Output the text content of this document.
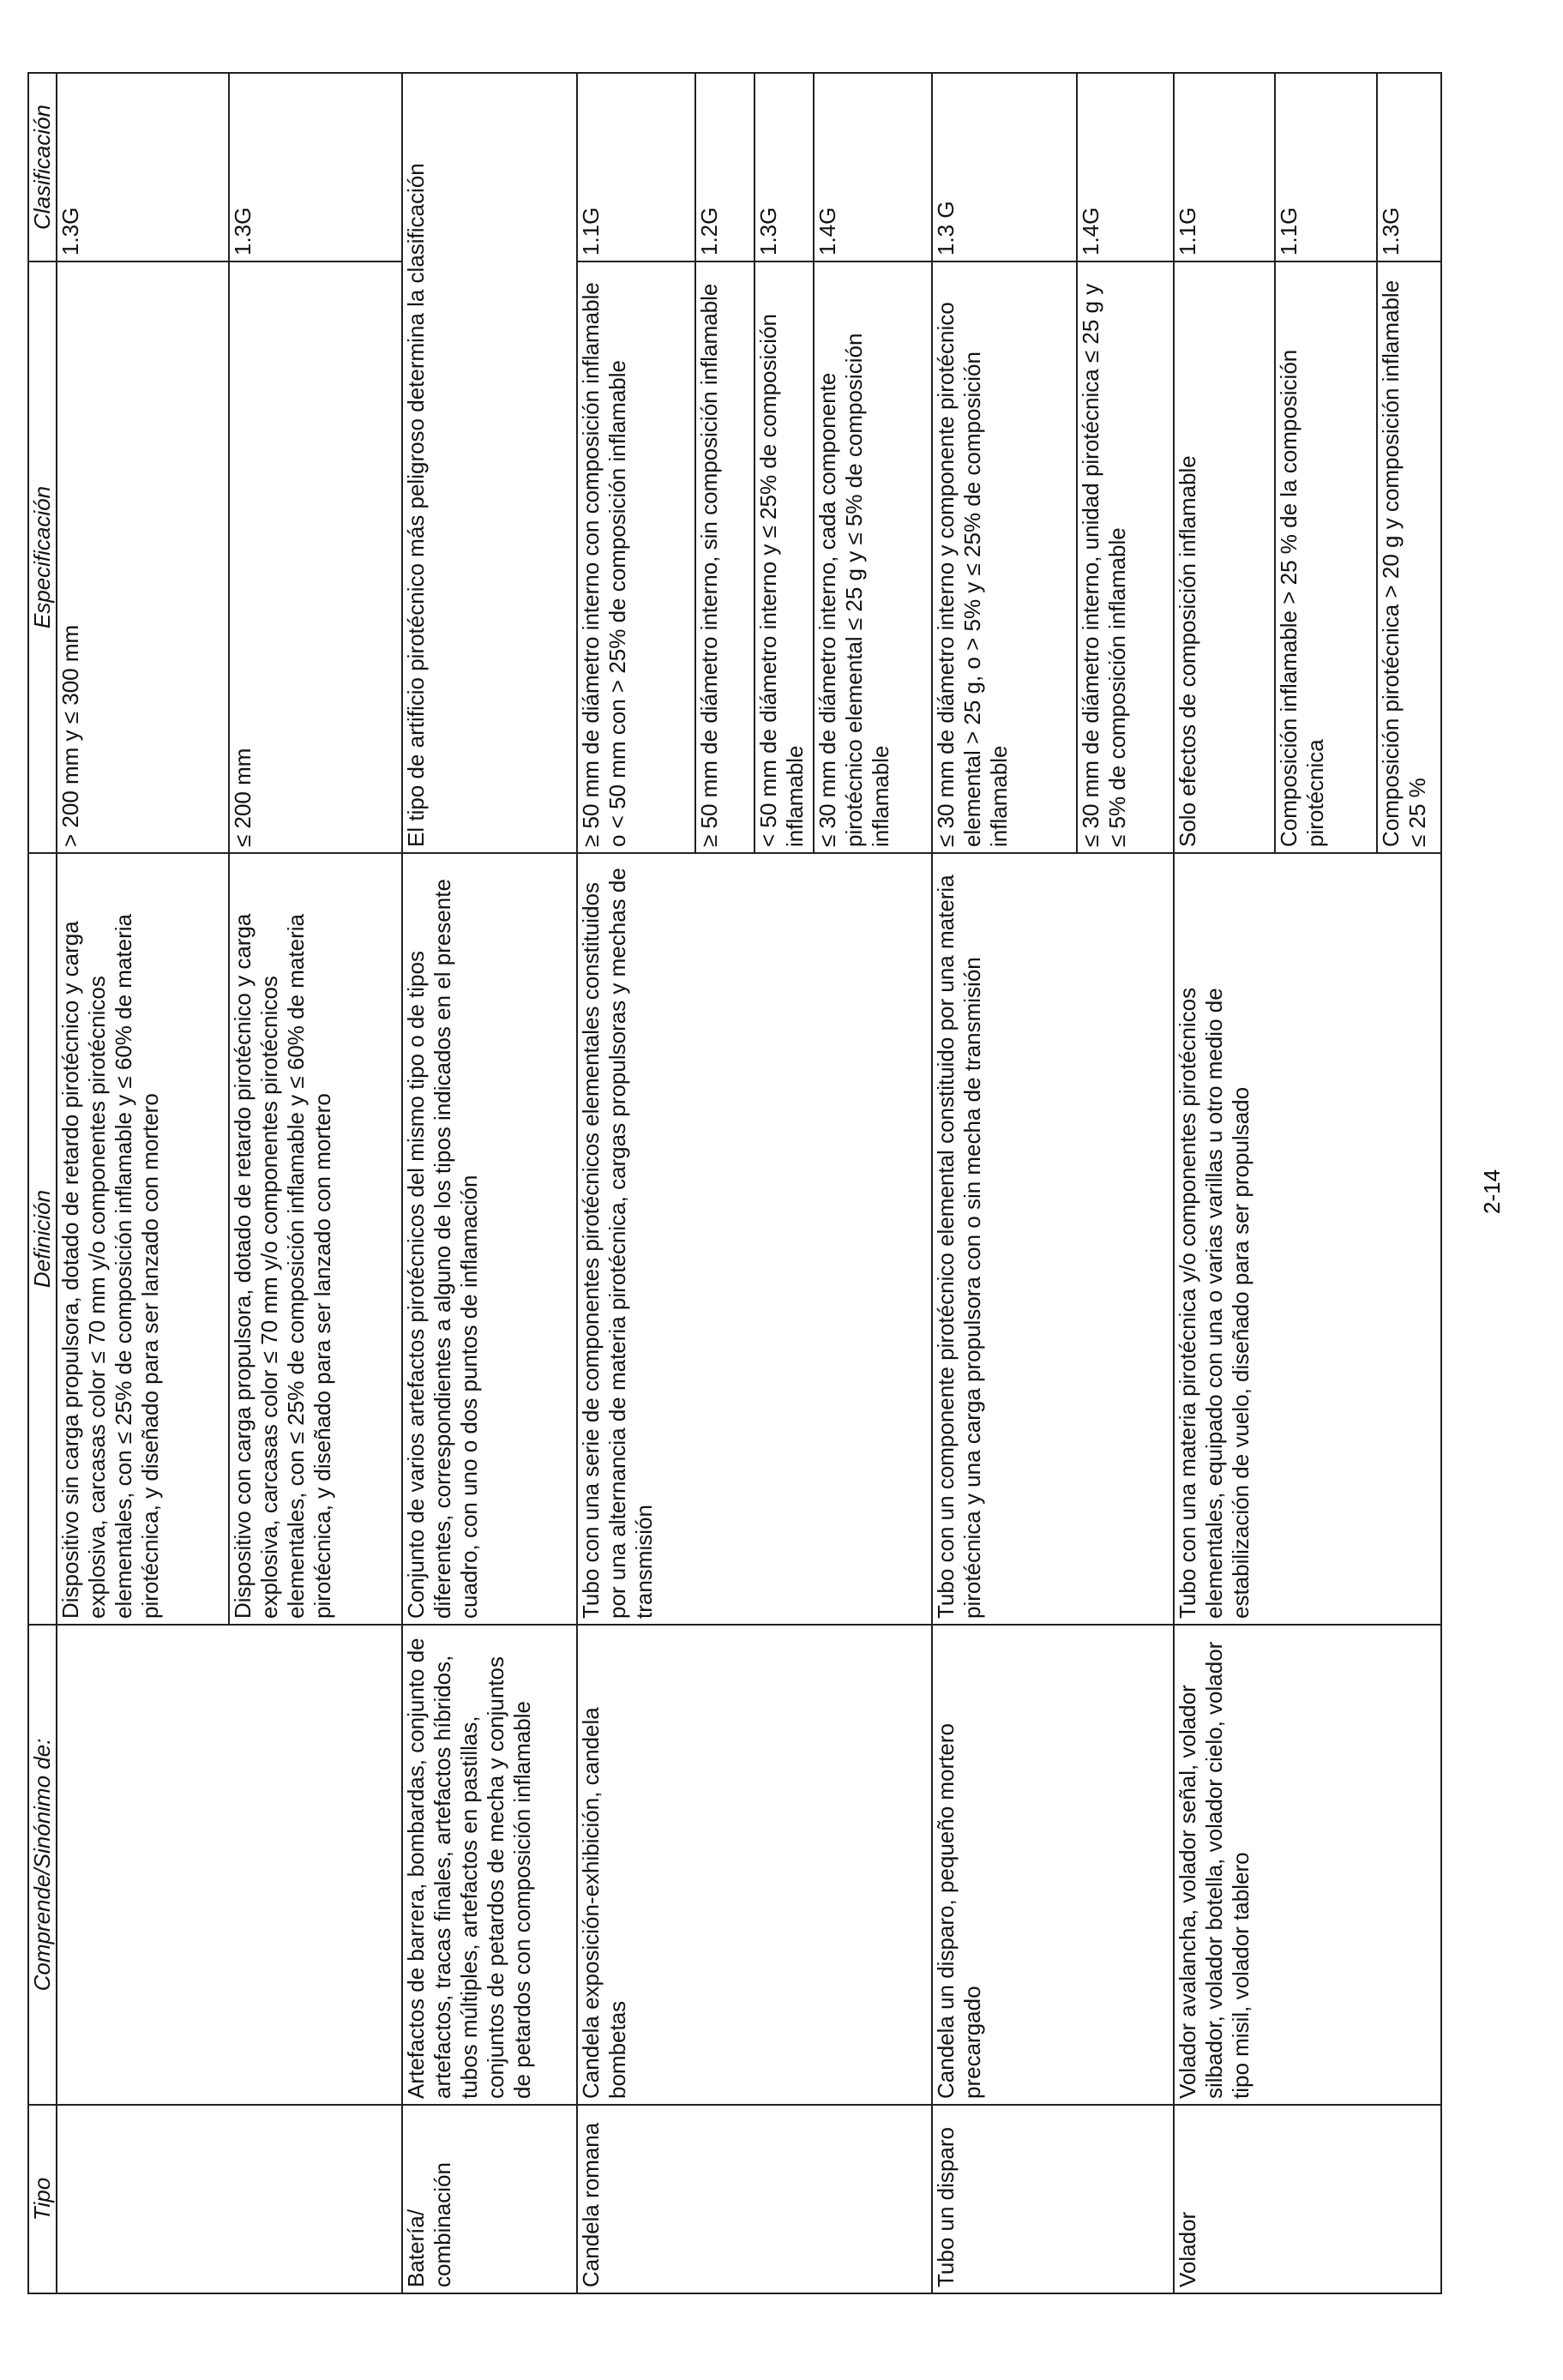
Tipo	Comprende/Sinónimo de:	Definición	Especificación	Clasificación
		Dispositivo sin carga propulsora, dotado de retardo pirotécnico y carga explosiva, carcasas color ≤ 70 mm y/o componentes pirotécnicos elementales, con ≤ 25% de composición inflamable y ≤ 60% de materia pirotécnica, y diseñado para ser lanzado con mortero	> 200 mm y ≤ 300 mm	1.3G
		Dispositivo con carga propulsora, dotado de retardo pirotécnico y carga explosiva, carcasas color ≤ 70 mm y/o componentes pirotécnicos elementales, con ≤ 25% de composición inflamable y ≤ 60% de materia pirotécnica, y diseñado para ser lanzado con mortero	≤ 200 mm	1.3G
Batería/ combinación	Artefactos de barrera, bombardas, conjunto de artefactos, tracas finales, artefactos híbridos, tubos múltiples, artefactos en pastillas, conjuntos de petardos de mecha y conjuntos de petardos con composición inflamable	Conjunto de varios artefactos pirotécnicos del mismo tipo o de tipos diferentes, correspondientes a alguno de los tipos indicados en el presente cuadro, con uno o dos puntos de inflamación	El tipo de artificio pirotécnico más peligroso determina la clasificación	
Candela romana	Candela exposición-exhibición, candela bombetas	Tubo con una serie de componentes pirotécnicos elementales constituidos por una alternancia de materia pirotécnica, cargas propulsoras y mechas de transmisión	≥ 50 mm de diámetro interno con composición inflamable o < 50 mm con > 25% de composición inflamable	1.1G
			≥ 50 mm de diámetro interno, sin composición inflamable	1.2G
			< 50 mm de diámetro interno y ≤ 25% de composición inflamable	1.3G
			≤ 30 mm de diámetro interno, cada componente pirotécnico elemental ≤ 25 g y ≤ 5% de composición inflamable	1.4G
Tubo un disparo	Candela un disparo, pequeño mortero precargado	Tubo con un componente pirotécnico elemental constituido por una materia pirotécnica y una carga propulsora con o sin mecha de transmisión	≤ 30 mm de diámetro interno y componente pirotécnico elemental > 25 g, o > 5% y ≤ 25% de composición inflamable	1.3 G
			≤ 30 mm de diámetro interno, unidad pirotécnica ≤ 25 g y ≤ 5% de composición inflamable	1.4G
Volador	Volador avalancha, volador señal, volador silbador, volador botella, volador cielo, volador tipo misil, volador tablero	Tubo con una materia pirotécnica y/o componentes pirotécnicos elementales, equipado con una o varias varillas u otro medio de estabilización de vuelo, diseñado para ser propulsado	Solo efectos de composición inflamable	1.1G
			Composición inflamable > 25 % de la composición pirotécnica	1.1G
			Composición pirotécnica > 20 g y composición inflamable ≤ 25 %	1.3G
2-14
